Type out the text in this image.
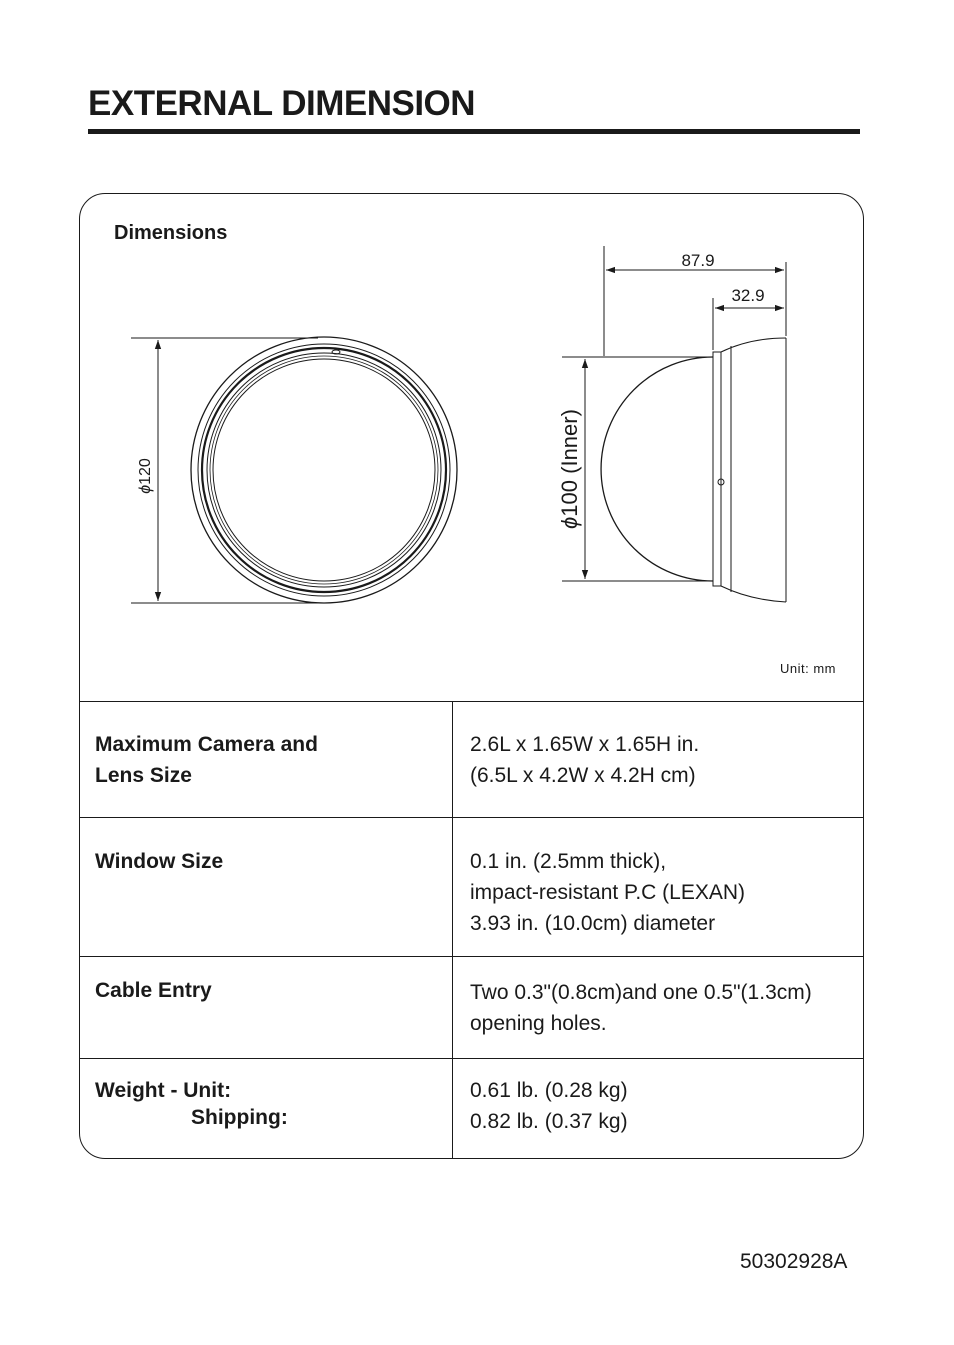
EXTERNAL DIMENSION
Dimensions
ϕ120
87.9
32.9
ϕ100 (Inner)
Unit: mm
Maximum Camera and
Lens Size
2.6L x 1.65W x 1.65H in.
(6.5L x 4.2W x 4.2H cm)
Window Size	0.1 in. (2.5mm thick),
impact-resistant P.C (LEXAN)
3.93 in. (10.0cm) diameter
Cable Entry	Two 0.3"(0.8cm)and one 0.5"(1.3cm)
opening holes.
Weight - Unit:
Shipping:
0.61 lb. (0.28 kg)
0.82 lb. (0.37 kg)
50302928A
